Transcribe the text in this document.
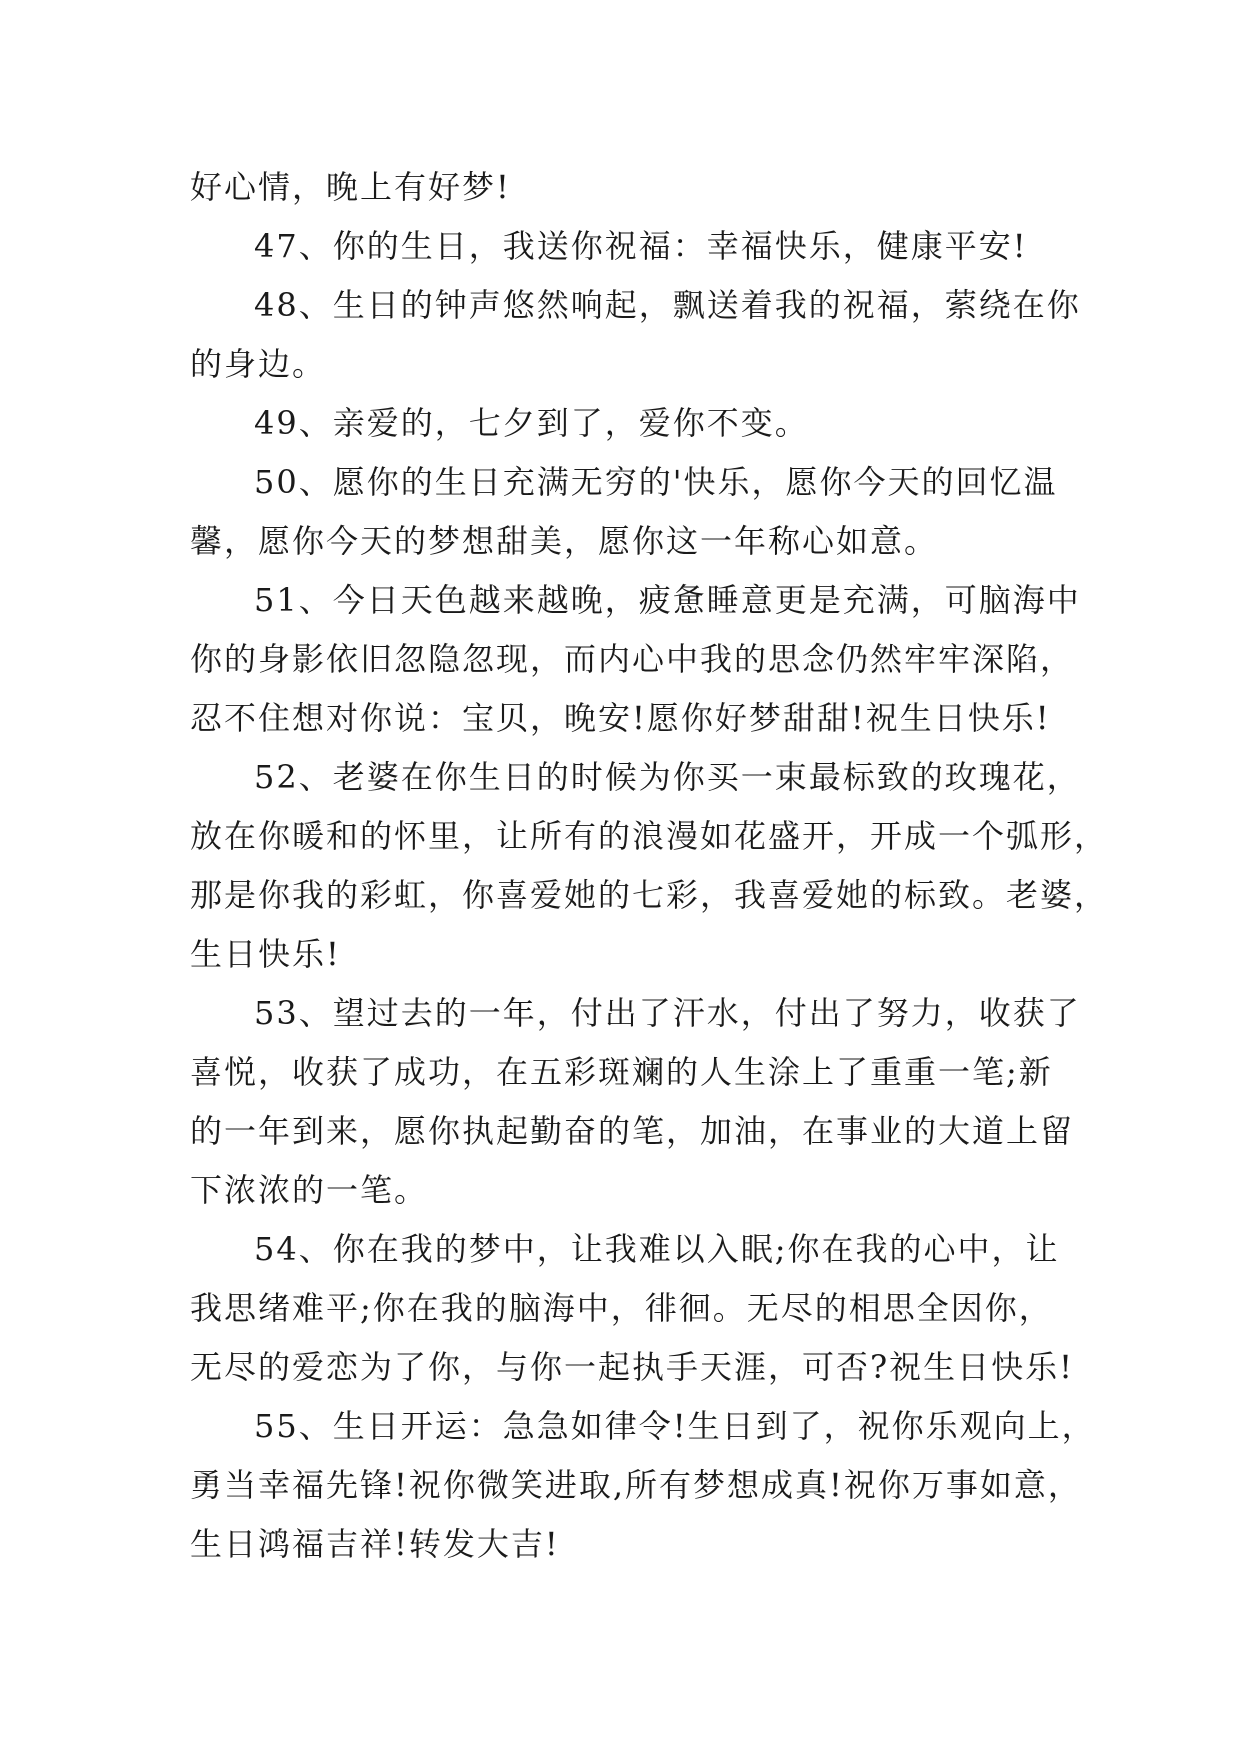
好心情，晚上有好梦!
47、你的生日，我送你祝福：幸福快乐，健康平安!
48、生日的钟声悠然响起，飘送着我的祝福，萦绕在你
的身边。
49、亲爱的，七夕到了，爱你不变。
50、愿你的生日充满无穷的'快乐，愿你今天的回忆温
馨，愿你今天的梦想甜美，愿你这一年称心如意。
51、今日天色越来越晚，疲惫睡意更是充满，可脑海中
你的身影依旧忽隐忽现，而内心中我的思念仍然牢牢深陷，
忍不住想对你说：宝贝，晚安!愿你好梦甜甜!祝生日快乐!
52、老婆在你生日的时候为你买一束最标致的玫瑰花，
放在你暖和的怀里，让所有的浪漫如花盛开，开成一个弧形，
那是你我的彩虹，你喜爱她的七彩，我喜爱她的标致。老婆，
生日快乐!
53、望过去的一年，付出了汗水，付出了努力，收获了
喜悦，收获了成功，在五彩斑斓的人生涂上了重重一笔;新
的一年到来，愿你执起勤奋的笔，加油，在事业的大道上留
下浓浓的一笔。
54、你在我的梦中，让我难以入眠;你在我的心中，让
我思绪难平;你在我的脑海中，徘徊。无尽的相思全因你，
无尽的爱恋为了你，与你一起执手天涯，可否?祝生日快乐!
55、生日开运：急急如律令!生日到了，祝你乐观向上，
勇当幸福先锋!祝你微笑进取,所有梦想成真!祝你万事如意，
生日鸿福吉祥!转发大吉!
